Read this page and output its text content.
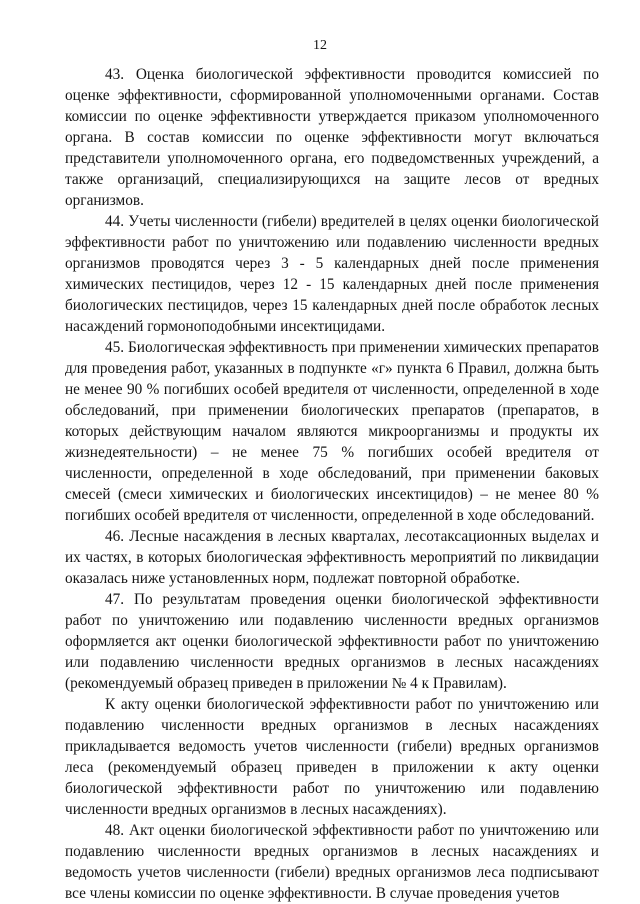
12

43. Оценка биологической эффективности проводится комиссией по оценке эффективности, сформированной уполномоченными органами. Состав комиссии по оценке эффективности утверждается приказом уполномоченного органа. В состав комиссии по оценке эффективности могут включаться представители уполномоченного органа, его подведомственных учреждений, а также организаций, специализирующихся на защите лесов от вредных организмов.

44. Учеты численности (гибели) вредителей в целях оценки биологической эффективности работ по уничтожению или подавлению численности вредных организмов проводятся через 3 - 5 календарных дней после применения химических пестицидов, через 12 - 15 календарных дней после применения биологических пестицидов, через 15 календарных дней после обработок лесных насаждений гормоноподобными инсектицидами.

45. Биологическая эффективность при применении химических препаратов для проведения работ, указанных в подпункте «г» пункта 6 Правил, должна быть не менее 90 % погибших особей вредителя от численности, определенной в ходе обследований, при применении биологических препаратов (препаратов, в которых действующим началом являются микроорганизмы и продукты их жизнедеятельности) – не менее 75 % погибших особей вредителя от численности, определенной в ходе обследований, при применении баковых смесей (смеси химических и биологических инсектицидов) – не менее 80 % погибших особей вредителя от численности, определенной в ходе обследований.

46. Лесные насаждения в лесных кварталах, лесотаксационных выделах и их частях, в которых биологическая эффективность мероприятий по ликвидации оказалась ниже установленных норм, подлежат повторной обработке.

47. По результатам проведения оценки биологической эффективности работ по уничтожению или подавлению численности вредных организмов оформляется акт оценки биологической эффективности работ по уничтожению или подавлению численности вредных организмов в лесных насаждениях (рекомендуемый образец приведен в приложении № 4 к Правилам).

К акту оценки биологической эффективности работ по уничтожению или подавлению численности вредных организмов в лесных насаждениях прикладывается ведомость учетов численности (гибели) вредных организмов леса (рекомендуемый образец приведен в приложении к акту оценки биологической эффективности работ по уничтожению или подавлению численности вредных организмов в лесных насаждениях).

48. Акт оценки биологической эффективности работ по уничтожению или подавлению численности вредных организмов в лесных насаждениях и ведомость учетов численности (гибели) вредных организмов леса подписывают все члены комиссии по оценке эффективности. В случае проведения учетов
